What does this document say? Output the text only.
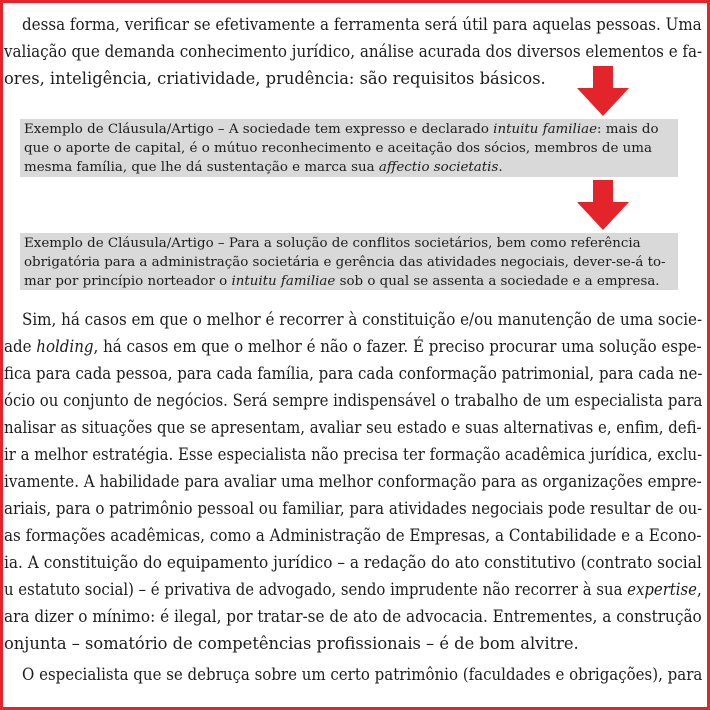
dessa forma, verificar se efetivamente a ferramenta será útil para aquelas pessoas. Uma
valiação que demanda conhecimento jurídico, análise acurada dos diversos elementos e fa-
ores, inteligência, criatividade, prudência: são requisitos básicos.
Exemplo de Cláusula/Artigo – A sociedade tem expresso e declarado intuitu familiae: mais do
que o aporte de capital, é o mútuo reconhecimento e aceitação dos sócios, membros de uma
mesma família, que lhe dá sustentação e marca sua affectio societatis.
Exemplo de Cláusula/Artigo – Para a solução de conflitos societários, bem como referência
obrigatória para a administração societária e gerência das atividades negociais, dever-se-á to-
mar por princípio norteador o intuitu familiae sob o qual se assenta a sociedade e a empresa.
Sim, há casos em que o melhor é recorrer à constituição e/ou manutenção de uma socie-
ade holding, há casos em que o melhor é não o fazer. É preciso procurar uma solução espe-
fica para cada pessoa, para cada família, para cada conformação patrimonial, para cada ne-
ócio ou conjunto de negócios. Será sempre indispensável o trabalho de um especialista para
nalisar as situações que se apresentam, avaliar seu estado e suas alternativas e, enfim, defi-
ir a melhor estratégia. Esse especialista não precisa ter formação acadêmica jurídica, exclu-
ivamente. A habilidade para avaliar uma melhor conformação para as organizações empre-
ariais, para o patrimônio pessoal ou familiar, para atividades negociais pode resultar de ou-
as formações acadêmicas, como a Administração de Empresas, a Contabilidade e a Econo-
ia. A constituição do equipamento jurídico – a redação do ato constitutivo (contrato social
u estatuto social) – é privativa de advogado, sendo imprudente não recorrer à sua expertise,
ara dizer o mínimo: é ilegal, por tratar-se de ato de advocacia. Entrementes, a construção
onjunta – somatório de competências profissionais – é de bom alvitre.
O especialista que se debruça sobre um certo patrimônio (faculdades e obrigações), para
